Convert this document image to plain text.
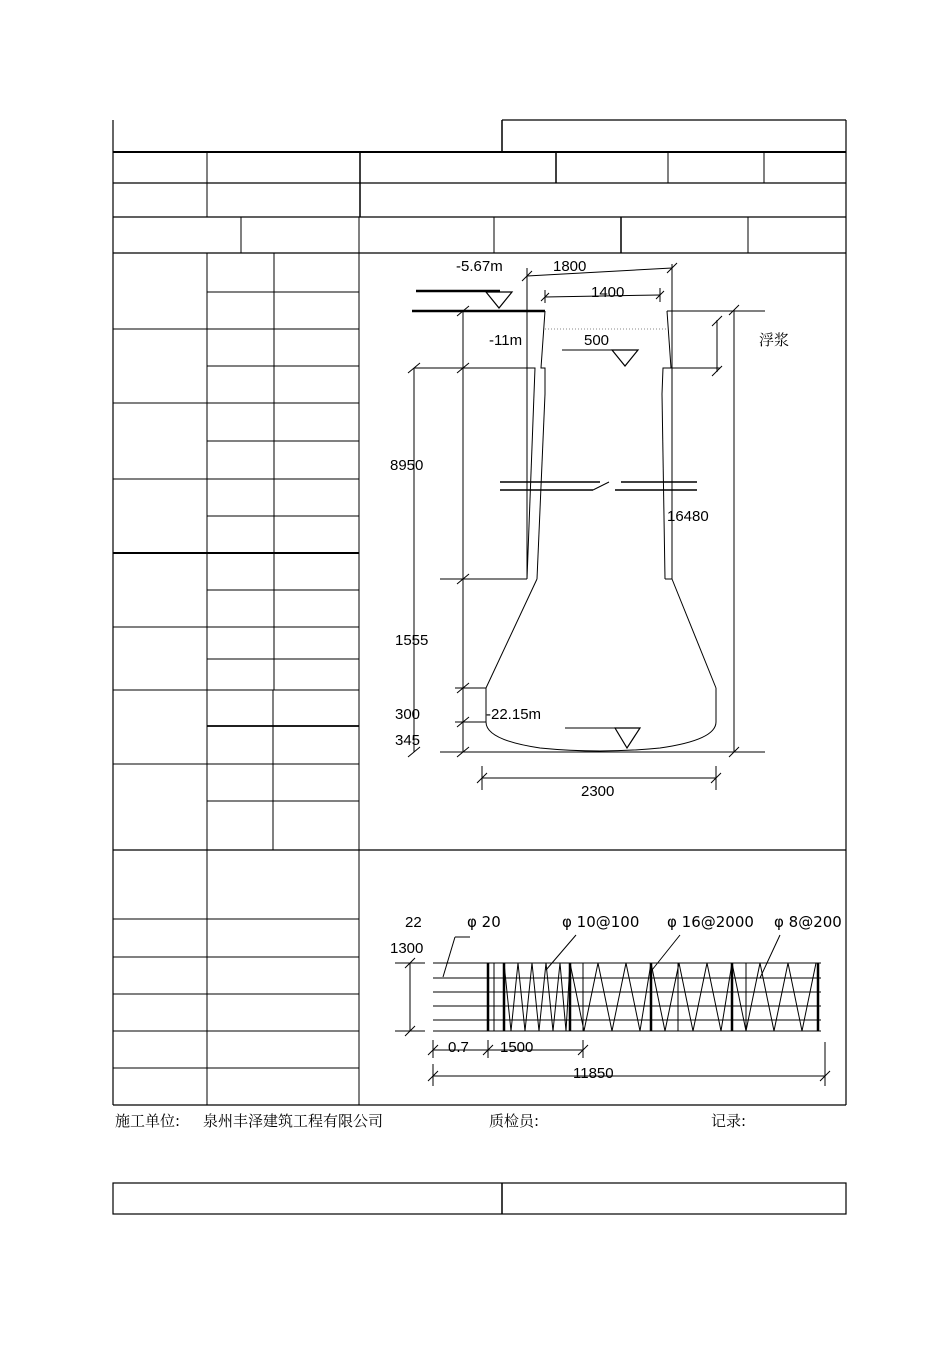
-5.67m	1800
1400
-11m	500	浮浆
8950
16480
1555
-22.15m
300
345
2300
22	φ 20	φ 10@100 φ 16@2000 φ 8@200
1300
0.7 1500
11850
施工单位: 泉州丰泽建筑工程有限公司	质检员:	记录:
